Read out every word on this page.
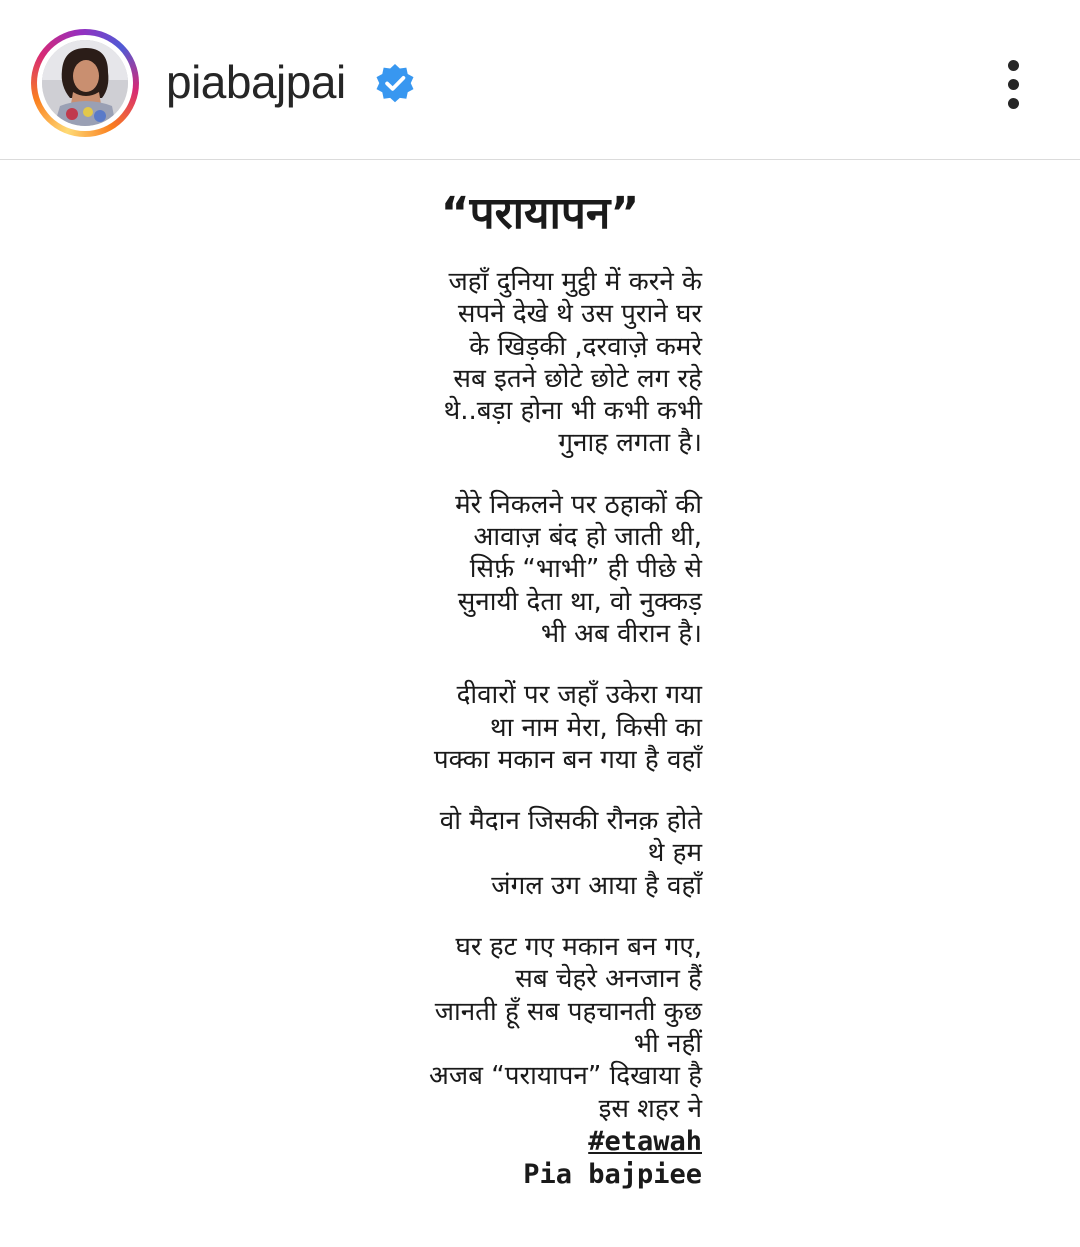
piabajpai
“परायापन”
जहाँ दुनिया मुट्ठी में करने के
सपने देखे थे उस पुराने घर
के खिड़की ,दरवाज़े कमरे
सब इतने छोटे छोटे लग रहे
थे..बड़ा होना भी कभी कभी
गुनाह लगता है।
मेरे निकलने पर ठहाकों की
आवाज़ बंद हो जाती थी,
सिर्फ़ “भाभी” ही पीछे से
सुनायी देता था, वो नुक्कड़
भी अब वीरान है।
दीवारों पर जहाँ उकेरा गया
था नाम मेरा, किसी का
पक्का मकान बन गया है वहाँ
वो मैदान जिसकी रौनक़ होते
थे हम
जंगल उग आया है वहाँ
घर हट गए मकान बन गए,
सब चेहरे अनजान हैं
जानती हूँ सब पहचानती कुछ
भी नहीं
अजब “परायापन” दिखाया है
इस शहर ने
#etawah
Pia bajpiee
